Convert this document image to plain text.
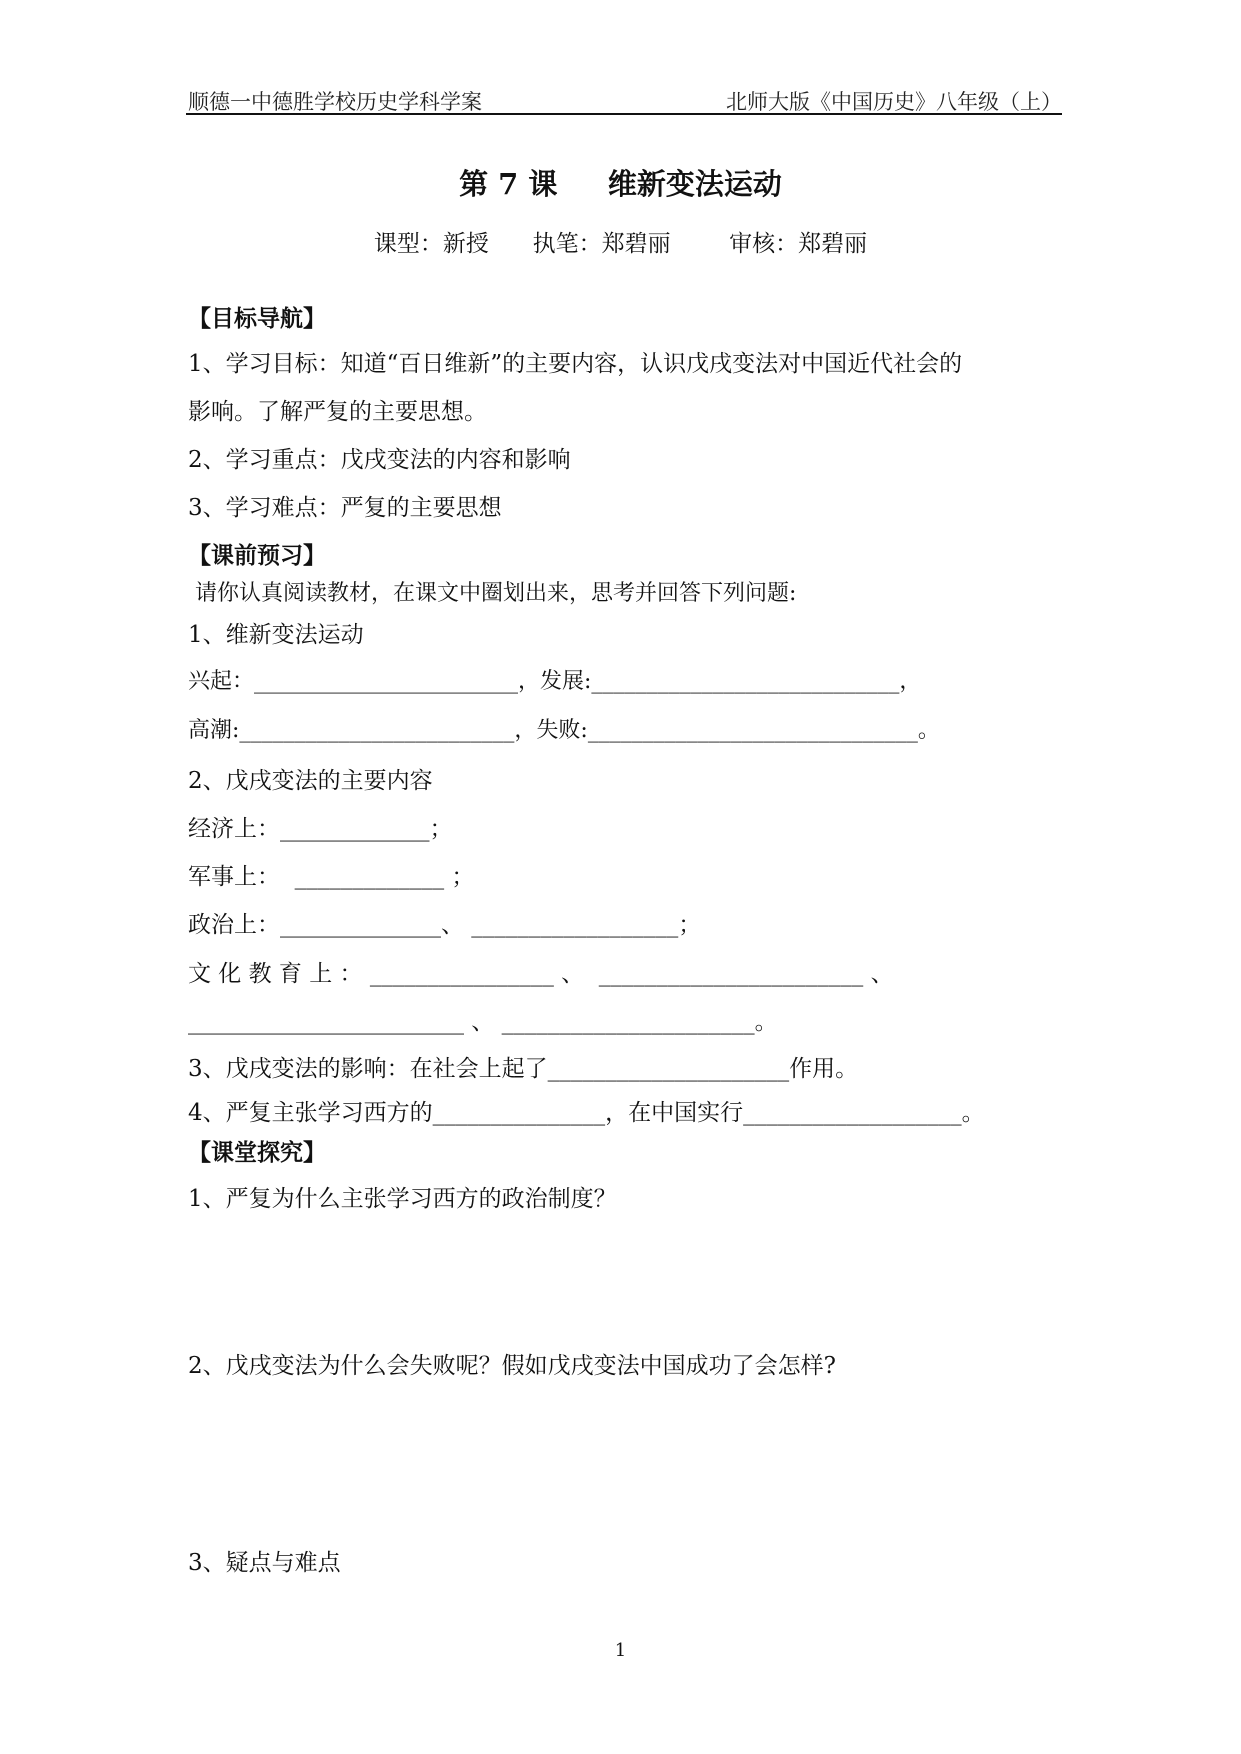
顺德一中德胜学校历史学科学案	北师大版《中国历史》八年级（上）
第 7 课     维新变法运动
课型：新授      执笔：郑碧丽        审核：郑碧丽
【目标导航】
1、学习目标：知道“百日维新”的主要内容，认识戊戌变法对中国近代社会的
影响。了解严复的主要思想。
2、学习重点：戊戌变法的内容和影响
3、学习难点：严复的主要思想
【课前预习】
请你认真阅读教材，在课文中圈划出来，思考并回答下列问题:
1、维新变法运动
兴起：________________________，发展:____________________________，
高潮:_________________________，失败:______________________________。
2、戊戌变法的主要内容
经济上：_____________；
军事上：  _____________ ；
政治上：______________、 __________________；
文 化 教 育 上 ： ________________ 、  _______________________ 、
________________________ 、 ______________________。
3、戊戌变法的影响：在社会上起了_____________________作用。
4、严复主张学习西方的_______________，在中国实行___________________。
【课堂探究】
1、严复为什么主张学习西方的政治制度？
2、戊戌变法为什么会失败呢？假如戊戌变法中国成功了会怎样?
3、疑点与难点
1
